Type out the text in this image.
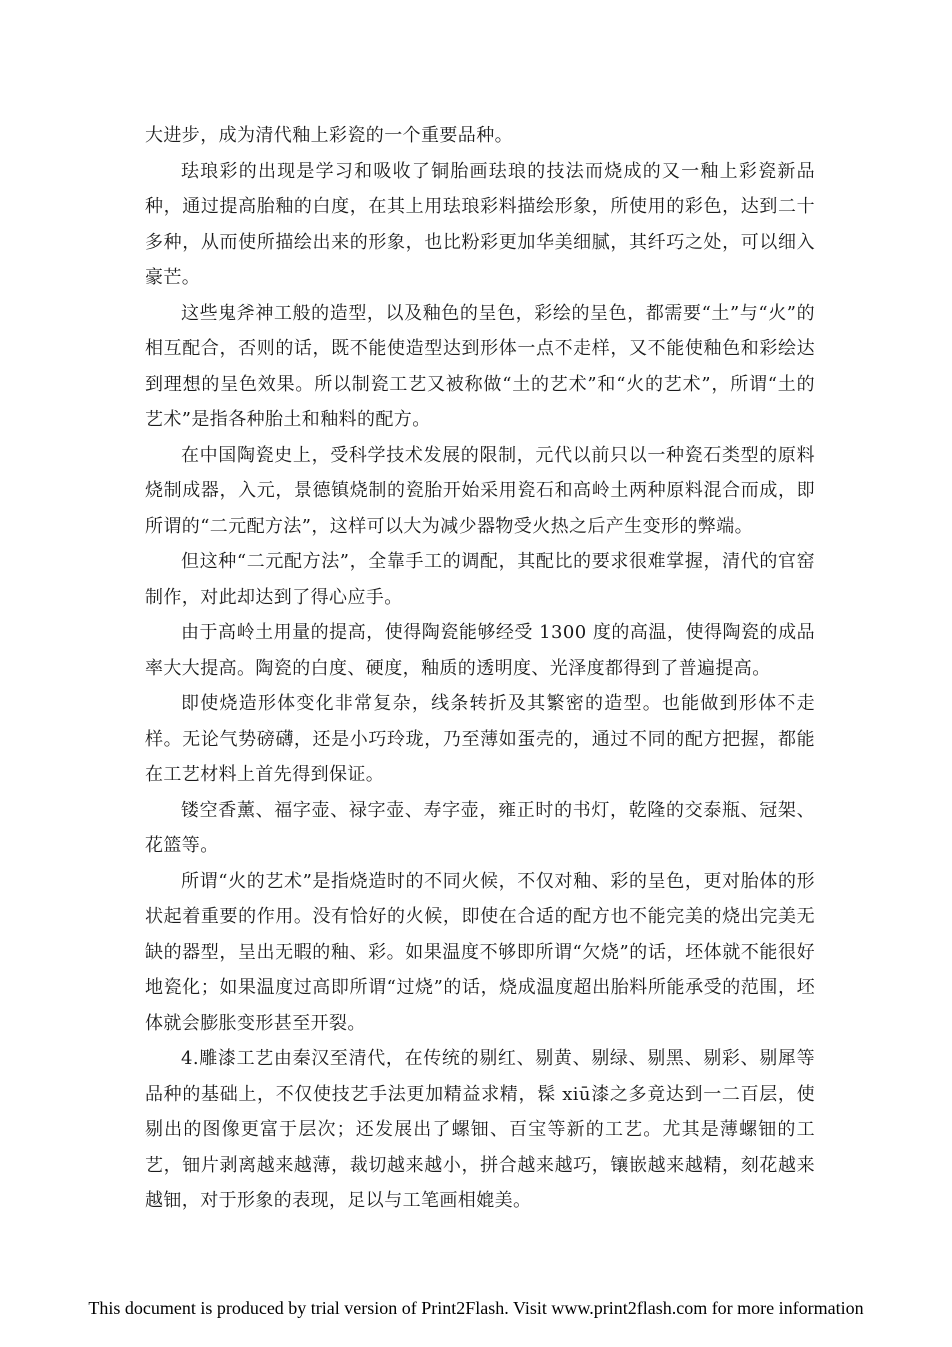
大进步，成为清代釉上彩瓷的一个重要品种。

珐琅彩的出现是学习和吸收了铜胎画珐琅的技法而烧成的又一釉上彩瓷新品种，通过提高胎釉的白度，在其上用珐琅彩料描绘形象，所使用的彩色，达到二十多种，从而使所描绘出来的形象，也比粉彩更加华美细腻，其纤巧之处，可以细入豪芒。

这些鬼斧神工般的造型，以及釉色的呈色，彩绘的呈色，都需要“土”与“火”的相互配合，否则的话，既不能使造型达到形体一点不走样，又不能使釉色和彩绘达到理想的呈色效果。所以制瓷工艺又被称做“土的艺术”和“火的艺术”，所谓“土的艺术”是指各种胎土和釉料的配方。

在中国陶瓷史上，受科学技术发展的限制，元代以前只以一种瓷石类型的原料烧制成器，入元，景德镇烧制的瓷胎开始采用瓷石和高岭土两种原料混合而成，即所谓的“二元配方法”，这样可以大为减少器物受火热之后产生变形的弊端。

但这种“二元配方法”，全靠手工的调配，其配比的要求很难掌握，清代的官窑制作，对此却达到了得心应手。

由于高岭土用量的提高，使得陶瓷能够经受 1300 度的高温，使得陶瓷的成品率大大提高。陶瓷的白度、硬度，釉质的透明度、光泽度都得到了普遍提高。

即使烧造形体变化非常复杂，线条转折及其繁密的造型。也能做到形体不走样。无论气势磅礴，还是小巧玲珑，乃至薄如蛋壳的，通过不同的配方把握，都能在工艺材料上首先得到保证。

镂空香薰、福字壶、禄字壶、寿字壶，雍正时的书灯，乾隆的交泰瓶、冠架、花篮等。

所谓“火的艺术”是指烧造时的不同火候，不仅对釉、彩的呈色，更对胎体的形状起着重要的作用。没有恰好的火候，即使在合适的配方也不能完美的烧出完美无缺的器型，呈出无暇的釉、彩。如果温度不够即所谓“欠烧”的话，坯体就不能很好地瓷化；如果温度过高即所谓“过烧”的话，烧成温度超出胎料所能承受的范围，坯体就会膨胀变形甚至开裂。

4.雕漆工艺由秦汉至清代，在传统的剔红、剔黄、剔绿、剔黑、剔彩、剔犀等品种的基础上，不仅使技艺手法更加精益求精，髹 xiū漆之多竟达到一二百层，使剔出的图像更富于层次；还发展出了螺钿、百宝等新的工艺。尤其是薄螺钿的工艺，钿片剥离越来越薄，裁切越来越小，拼合越来越巧，镶嵌越来越精，刻花越来越钿，对于形象的表现，足以与工笔画相媲美。

This document is produced by trial version of Print2Flash. Visit www.print2flash.com for more information
